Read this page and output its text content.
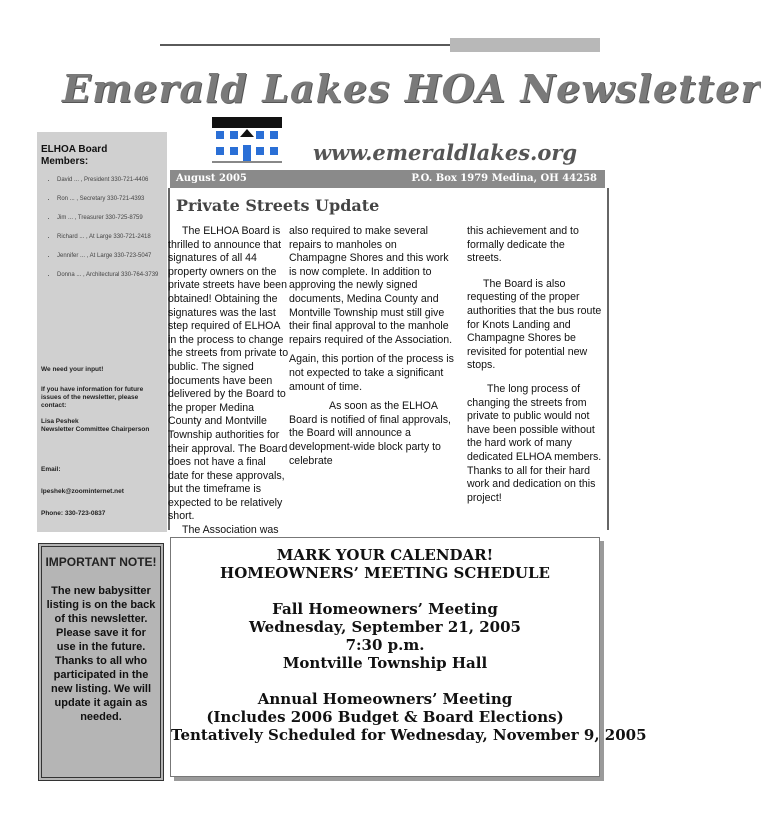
Emerald Lakes HOA Newsletter
ELHOA Board Members:
• David ... , President 330-721-4406
• Ron ... , Secretary 330-721-4393
• Jim ... , Treasurer 330-725-8759
• Richard ... , At Large 330-721-2418
• Jennifer ... , At Large 330-723-5047
• Donna ... , Architectural 330-764-3739
We need your input!
If you have information for future issues of the newsletter, please contact:
Lisa Peshek
Newsletter Committee Chairperson
Email:
lpeshek@zoominternet.net
Phone: 330-723-0837
www.emeraldlakes.org
August 2005	P.O. Box 1979 Medina, OH 44258
Private Streets Update

The ELHOA Board is thrilled to announce that signatures of all 44 property owners on the private streets have been obtained! Obtaining the signatures was the last step required of ELHOA in the process to change the streets from private to public. The signed documents have been delivered by the Board to the proper Medina County and Montville Township authorities for their approval. The Board does not have a final date for these approvals, but the timeframe is expected to be relatively short.

The Association was

also required to make several repairs to manholes on Champagne Shores and this work is now complete. In addition to approving the newly signed documents, Medina County and Montville Township must still give their final approval to the manhole repairs required of the Association.

Again, this portion of the process is not expected to take a significant amount of time.

As soon as the ELHOA Board is notified of final approvals, the Board will announce a development-wide block party to celebrate

this achievement and to formally dedicate the streets.

The Board is also requesting of the proper authorities that the bus route for Knots Landing and Champagne Shores be revisited for potential new stops.

The long process of changing the streets from private to public would not have been possible without the hard work of many dedicated ELHOA members. Thanks to all for their hard work and dedication on this project!

IMPORTANT NOTE!
The new babysitter listing is on the back of this newsletter. Please save it for use in the future. Thanks to all who participated in the new listing. We will update it again as needed.
MARK YOUR CALENDAR!
HOMEOWNERS’ MEETING SCHEDULE
Fall Homeowners’ Meeting
Wednesday, September 21, 2005
7:30 p.m.
Montville Township Hall
Annual Homeowners’ Meeting
(Includes 2006 Budget & Board Elections)
Tentatively Scheduled for Wednesday, November 9, 2005
